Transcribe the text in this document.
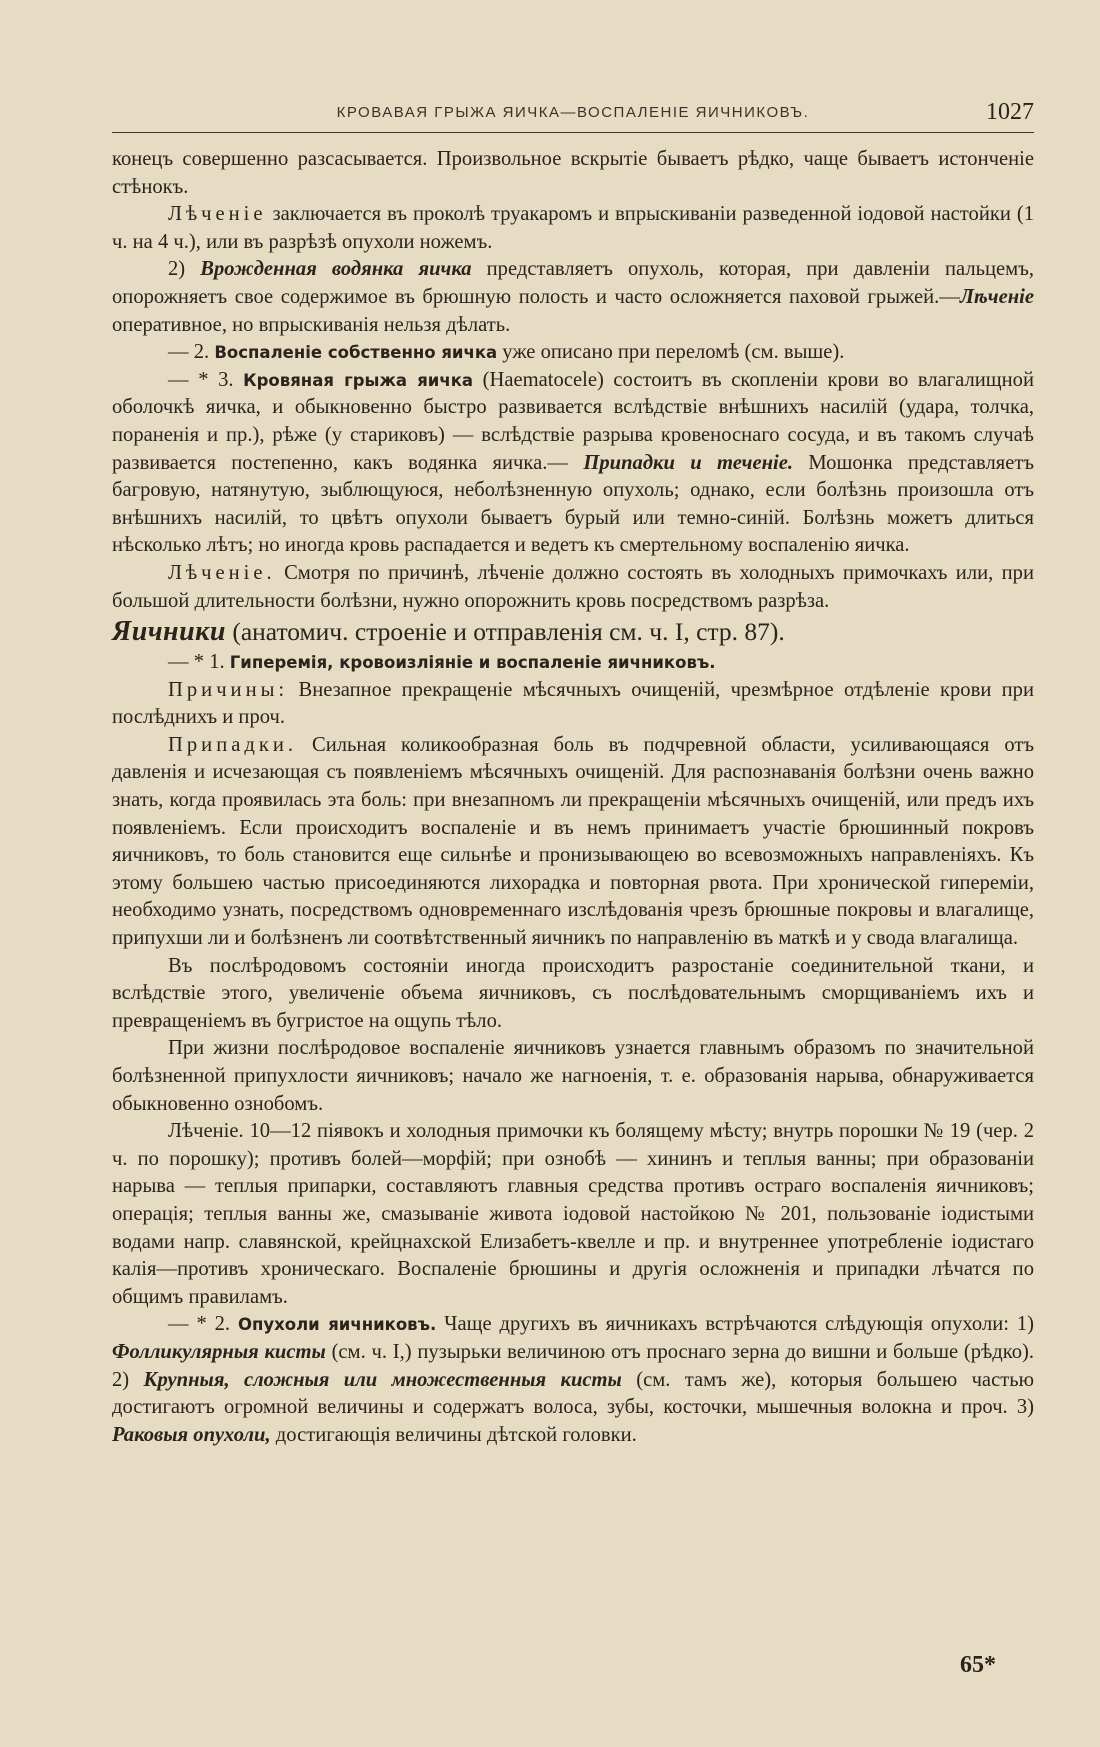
КРОВАВАЯ ГРЫЖА ЯИЧКА—ВОСПАЛЕНІЕ ЯИЧНИКОВЪ.	1027

конецъ совершенно разсасывается. Произвольное вскрытіе бываетъ рѣдко, чаще бываетъ истонченіе стѣнокъ.

Лѣченіе заключается въ проколѣ труакаромъ и впрыскиваніи разведенной іодовой настойки (1 ч. на 4 ч.), или въ разрѣзѣ опухоли ножемъ.

2) Врожденная водянка яичка представляетъ опухоль, которая, при давленіи пальцемъ, опорожняетъ свое содержимое въ брюшную полость и часто осложняется паховой грыжей.—Лѣченіе оперативное, но впрыскиванія нельзя дѣлать.

— 2. Воспаленіе собственно яичка уже описано при переломѣ (см. выше).

— * 3. Кровяная грыжа яичка (Haematocele) состоитъ въ скопленіи крови во влагалищной оболочкѣ яичка, и обыкновенно быстро развивается вслѣдствіе внѣшнихъ насилій (удара, толчка, пораненія и пр.), рѣже (у стариковъ) — вслѣдствіе разрыва кровеноснаго сосуда, и въ такомъ случаѣ развивается постепенно, какъ водянка яичка.— Припадки и теченіе. Мошонка представляетъ багровую, натянутую, зыблющуюся, неболѣзненную опухоль; однако, если болѣзнь произошла отъ внѣшнихъ насилій, то цвѣтъ опухоли бываетъ бурый или темно-синій. Болѣзнь можетъ длиться нѣсколько лѣтъ; но иногда кровь распадается и ведетъ къ смертельному воспаленію яичка.

Лѣченіе. Смотря по причинѣ, лѣченіе должно состоять въ холодныхъ примочкахъ или, при большой длительности болѣзни, нужно опорожнить кровь посредствомъ разрѣза.

Яичники (анатомич. строеніе и отправленія см. ч. I, стр. 87).

— * 1. Гиперемія, кровоизліяніе и воспаленіе яичниковъ.

Причины: Внезапное прекращеніе мѣсячныхъ очищеній, чрезмѣрное отдѣленіе крови при послѣднихъ и проч.

Припадки. Сильная коликообразная боль въ подчревной области, усиливающаяся отъ давленія и исчезающая съ появленіемъ мѣсячныхъ очищеній. Для распознаванія болѣзни очень важно знать, когда проявилась эта боль: при внезапномъ ли прекращеніи мѣсячныхъ очищеній, или предъ ихъ появленіемъ. Если происходитъ воспаленіе и въ немъ принимаетъ участіе брюшинный покровъ яичниковъ, то боль становится еще сильнѣе и пронизывающею во всевозможныхъ направленіяхъ. Къ этому большею частью присоединяются лихорадка и повторная рвота. При хронической гипереміи, необходимо узнать, посредствомъ одновременнаго изслѣдованія чрезъ брюшные покровы и влагалище, припухши ли и болѣзненъ ли соотвѣтственный яичникъ по направленію въ маткѣ и у свода влагалища.

Въ послѣродовомъ состояніи иногда происходитъ разростаніе соединительной ткани, и вслѣдствіе этого, увеличеніе объема яичниковъ, съ послѣдовательнымъ сморщиваніемъ ихъ и превращеніемъ въ бугристое на ощупь тѣло.

При жизни послѣродовое воспаленіе яичниковъ узнается главнымъ образомъ по значительной болѣзненной припухлости яичниковъ; начало же нагноенія, т. е. образованія нарыва, обнаруживается обыкновенно ознобомъ.

Лѣченіе. 10—12 піявокъ и холодныя примочки къ болящему мѣсту; внутрь порошки № 19 (чер. 2 ч. по порошку); противъ болей—морфій; при ознобѣ — хининъ и теплыя ванны; при образованіи нарыва — теплыя припарки, составляютъ главныя средства противъ остраго воспаленія яичниковъ; операція; теплыя ванны же, смазываніе живота іодовой настойкою № 201, пользованіе іодистыми водами напр. славянской, крейцнахской Елизабетъ-квелле и пр. и внутреннее употребленіе іодистаго калія—противъ хроническаго. Воспаленіе брюшины и другія осложненія и припадки лѣчатся по общимъ правиламъ.

— * 2. Опухоли яичниковъ. Чаще другихъ въ яичникахъ встрѣчаются слѣдующія опухоли: 1) Фолликулярныя кисты (см. ч. I,) пузырьки величиною отъ проснаго зерна до вишни и больше (рѣдко). 2) Крупныя, сложныя или множественныя кисты (см. тамъ же), которыя большею частью достигаютъ огромной величины и содержатъ волоса, зубы, косточки, мышечныя волокна и проч. 3) Раковыя опухоли, достигающія величины дѣтской головки.

65*
